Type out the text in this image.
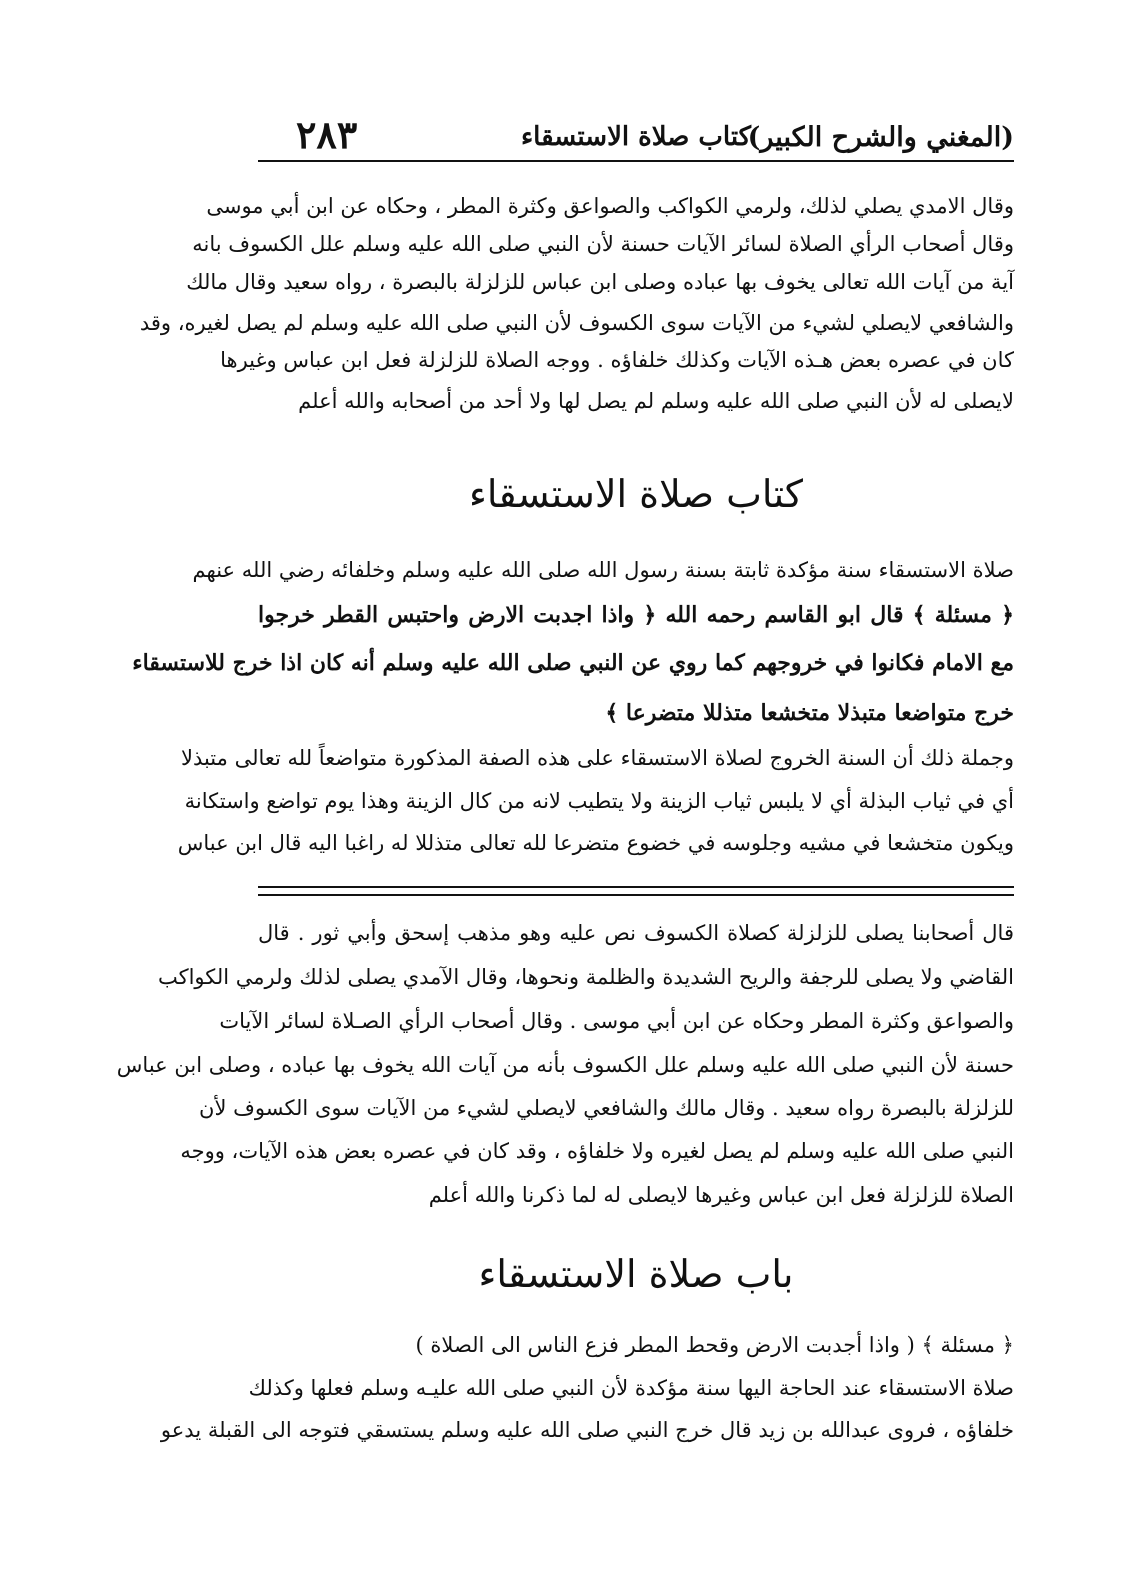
(المغني والشرح الكبير)
كتاب صلاة الاستسقاء
٢٨٣
وقال الامدي يصلي لذلك، ولرمي الكواكب والصواعق وكثرة المطر ، وحكاه عن ابن أبي موسى
وقال أصحاب الرأي الصلاة لسائر الآيات حسنة لأن النبي صلى الله عليه وسلم علل الكسوف بانه
آية من آيات الله تعالى يخوف بها عباده وصلى ابن عباس للزلزلة بالبصرة ، رواه سعيد وقال مالك
والشافعي لايصلي لشيء من الآيات سوى الكسوف لأن النبي صلى الله عليه وسلم لم يصل لغيره، وقد
كان في عصره بعض هـذه الآيات وكذلك خلفاؤه . ووجه الصلاة للزلزلة فعل ابن عباس وغيرها
لايصلى له لأن النبي صلى الله عليه وسلم لم يصل لها ولا أحد من أصحابه والله أعلم
كتاب صلاة الاستسقاء
صلاة الاستسقاء سنة مؤكدة ثابتة بسنة رسول الله صلى الله عليه وسلم وخلفائه رضي الله عنهم
﴿ مسئلة ﴾ قال ابو القاسم رحمه الله ﴿ واذا اجدبت الارض واحتبس القطر خرجوا
مع الامام فكانوا في خروجهم كما روي عن النبي صلى الله عليه وسلم أنه كان اذا خرج للاستسقاء
خرج متواضعا متبذلا متخشعا متذللا متضرعا ﴾
وجملة ذلك أن السنة الخروج لصلاة الاستسقاء على هذه الصفة المذكورة متواضعاً لله تعالى متبذلا
أي في ثياب البذلة أي لا يلبس ثياب الزينة ولا يتطيب لانه من كال الزينة وهذا يوم تواضع واستكانة
ويكون متخشعا في مشيه وجلوسه في خضوع متضرعا لله تعالى متذللا له راغبا اليه قال ابن عباس
قال أصحابنا يصلى للزلزلة كصلاة الكسوف نص عليه وهو مذهب إسحق وأبي ثور . قال
القاضي ولا يصلى للرجفة والريح الشديدة والظلمة ونحوها، وقال الآمدي يصلى لذلك ولرمي الكواكب
والصواعق وكثرة المطر وحكاه عن ابن أبي موسى . وقال أصحاب الرأي الصـلاة لسائر الآيات
حسنة لأن النبي صلى الله عليه وسلم علل الكسوف بأنه من آيات الله يخوف بها عباده ، وصلى ابن عباس
للزلزلة بالبصرة رواه سعيد . وقال مالك والشافعي لايصلي لشيء من الآيات سوى الكسوف لأن
النبي صلى الله عليه وسلم لم يصل لغيره ولا خلفاؤه ، وقد كان في عصره بعض هذه الآيات، ووجه
الصلاة للزلزلة فعل ابن عباس وغيرها لايصلى له لما ذكرنا والله أعلم
باب صلاة الاستسقاء
﴿ مسئلة ﴾ ( واذا أجدبت الارض وقحط المطر فزع الناس الى الصلاة )
صلاة الاستسقاء عند الحاجة اليها سنة مؤكدة لأن النبي صلى الله عليـه وسلم فعلها وكذلك
خلفاؤه ، فروى عبدالله بن زيد قال خرج النبي صلى الله عليه وسلم يستسقي فتوجه الى القبلة يدعو
